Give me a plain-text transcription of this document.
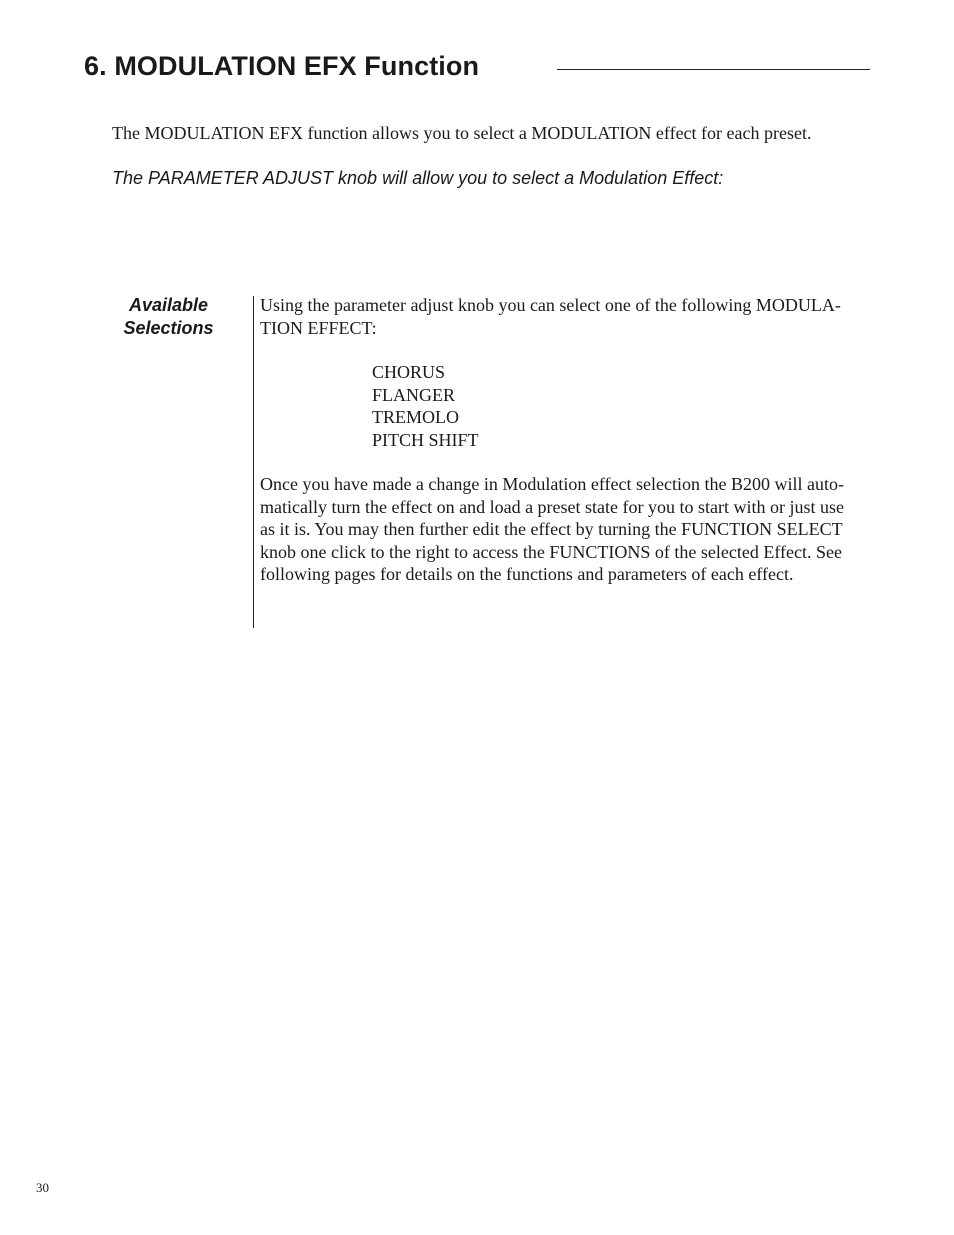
6. MODULATION EFX Function

The MODULATION EFX function allows you to select a MODULATION effect for each preset.

The PARAMETER ADJUST knob will allow you to select a Modulation Effect:

Available
Selections

Using the parameter adjust knob you can select one of the following MODULA-
TION EFFECT:

CHORUS
FLANGER
TREMOLO
PITCH SHIFT

Once you have made a change in Modulation effect selection the B200 will auto-
matically turn the effect on and load a preset state for you to start with or just use
as it is. You may then further edit the effect by turning the FUNCTION SELECT
knob one click to the right to access the FUNCTIONS of the selected Effect. See
following pages for details on the functions and parameters of each effect.

30
